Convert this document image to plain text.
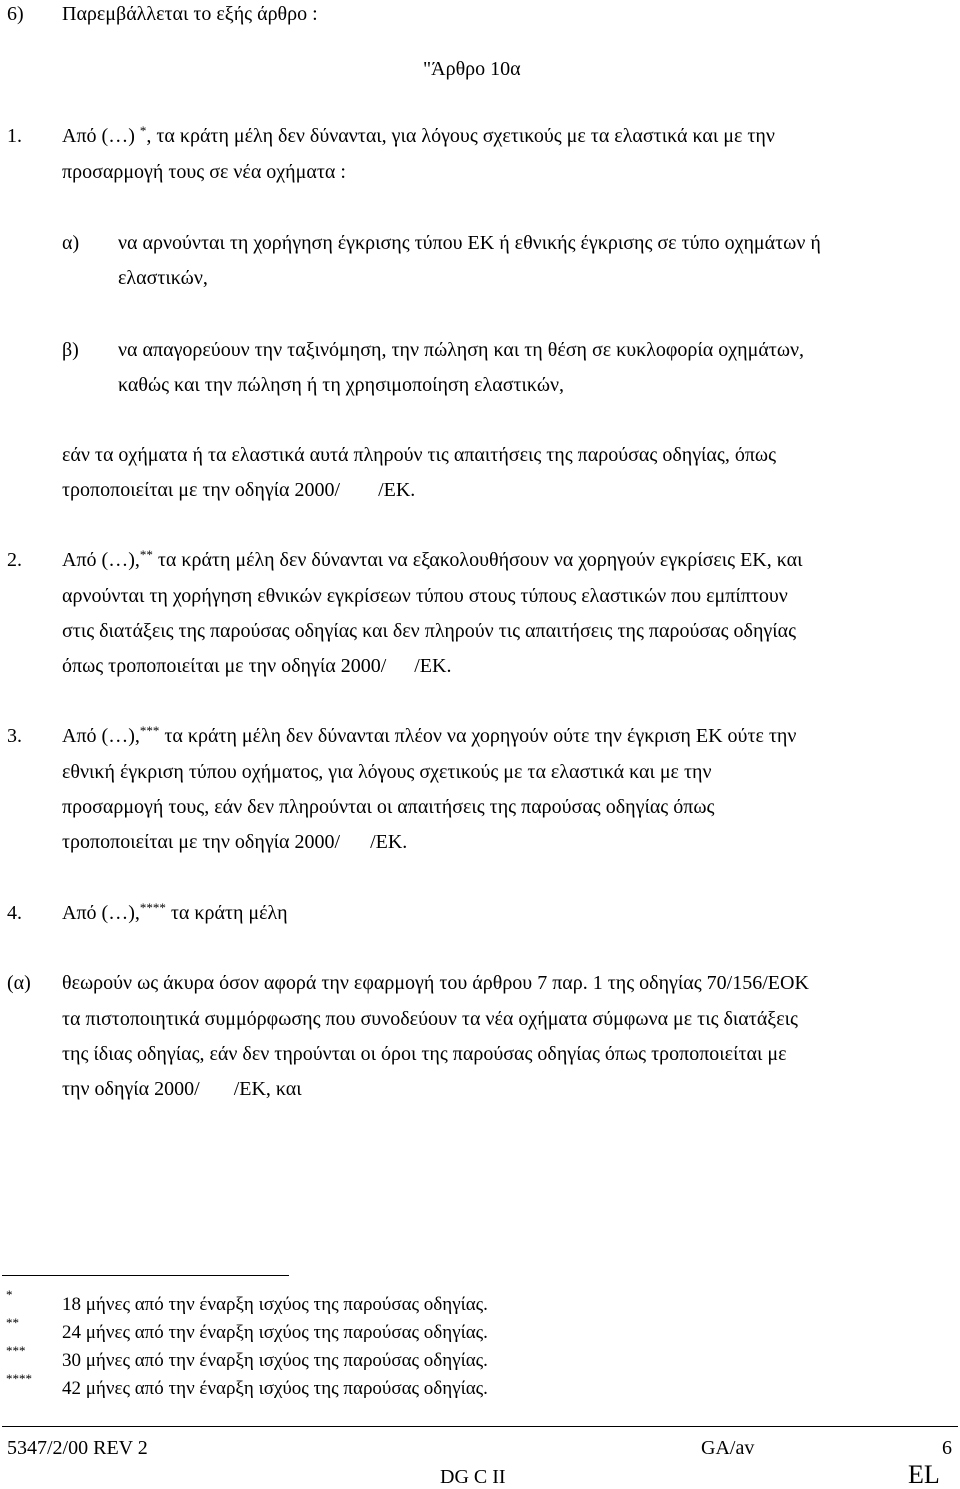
6) Παρεμβάλλεται το εξής άρθρο :
"Άρθρο 10α
1. Από (…) *, τα κράτη μέλη δεν δύνανται, για λόγους σχετικούς με τα ελαστικά και με την
προσαρμογή τους σε νέα οχήματα :
α) να αρνούνται τη χορήγηση έγκρισης τύπου ΕΚ ή εθνικής έγκρισης σε τύπο οχημάτων ή
ελαστικών,
β) να απαγορεύουν την ταξινόμηση, την πώληση και τη θέση σε κυκλοφορία οχημάτων,
καθώς και την πώληση ή τη χρησιμοποίηση ελαστικών,
εάν τα οχήματα ή τα ελαστικά αυτά πληρούν τις απαιτήσεις της παρούσας οδηγίας, όπως
τροποποιείται με την οδηγία 2000/ /ΕΚ.
2. Από (…),** τα κράτη μέλη δεν δύνανται να εξακολουθήσουν να χορηγούν εγκρίσεις ΕΚ, και
αρνούνται τη χορήγηση εθνικών εγκρίσεων τύπου στους τύπους ελαστικών που εμπίπτουν
στις διατάξεις της παρούσας οδηγίας και δεν πληρούν τις απαιτήσεις της παρούσας οδηγίας
όπως τροποποιείται με την οδηγία 2000/ /ΕΚ.
3. Από (…),*** τα κράτη μέλη δεν δύνανται πλέον να χορηγούν ούτε την έγκριση ΕΚ ούτε την
εθνική έγκριση τύπου οχήματος, για λόγους σχετικούς με τα ελαστικά και με την
προσαρμογή τους, εάν δεν πληρούνται οι απαιτήσεις της παρούσας οδηγίας όπως
τροποποιείται με την οδηγία 2000/ /ΕΚ.
4. Από (…),**** τα κράτη μέλη
(α) θεωρούν ως άκυρα όσον αφορά την εφαρμογή του άρθρου 7 παρ. 1 της οδηγίας 70/156/ΕΟΚ
τα πιστοποιητικά συμμόρφωσης που συνοδεύουν τα νέα οχήματα σύμφωνα με τις διατάξεις
της ίδιας οδηγίας, εάν δεν τηρούνται οι όροι της παρούσας οδηγίας όπως τροποποιείται με
την οδηγία 2000/ /ΕΚ, και
*	18 μήνες από την έναρξη ισχύος της παρούσας οδηγίας.
** 24 μήνες από την έναρξη ισχύος της παρούσας οδηγίας.
*** 30 μήνες από την έναρξη ισχύος της παρούσας οδηγίας.
**** 42 μήνες από την έναρξη ισχύος της παρούσας οδηγίας.
5347/2/00 REV 2	GA/av	6
DG C II	EL
